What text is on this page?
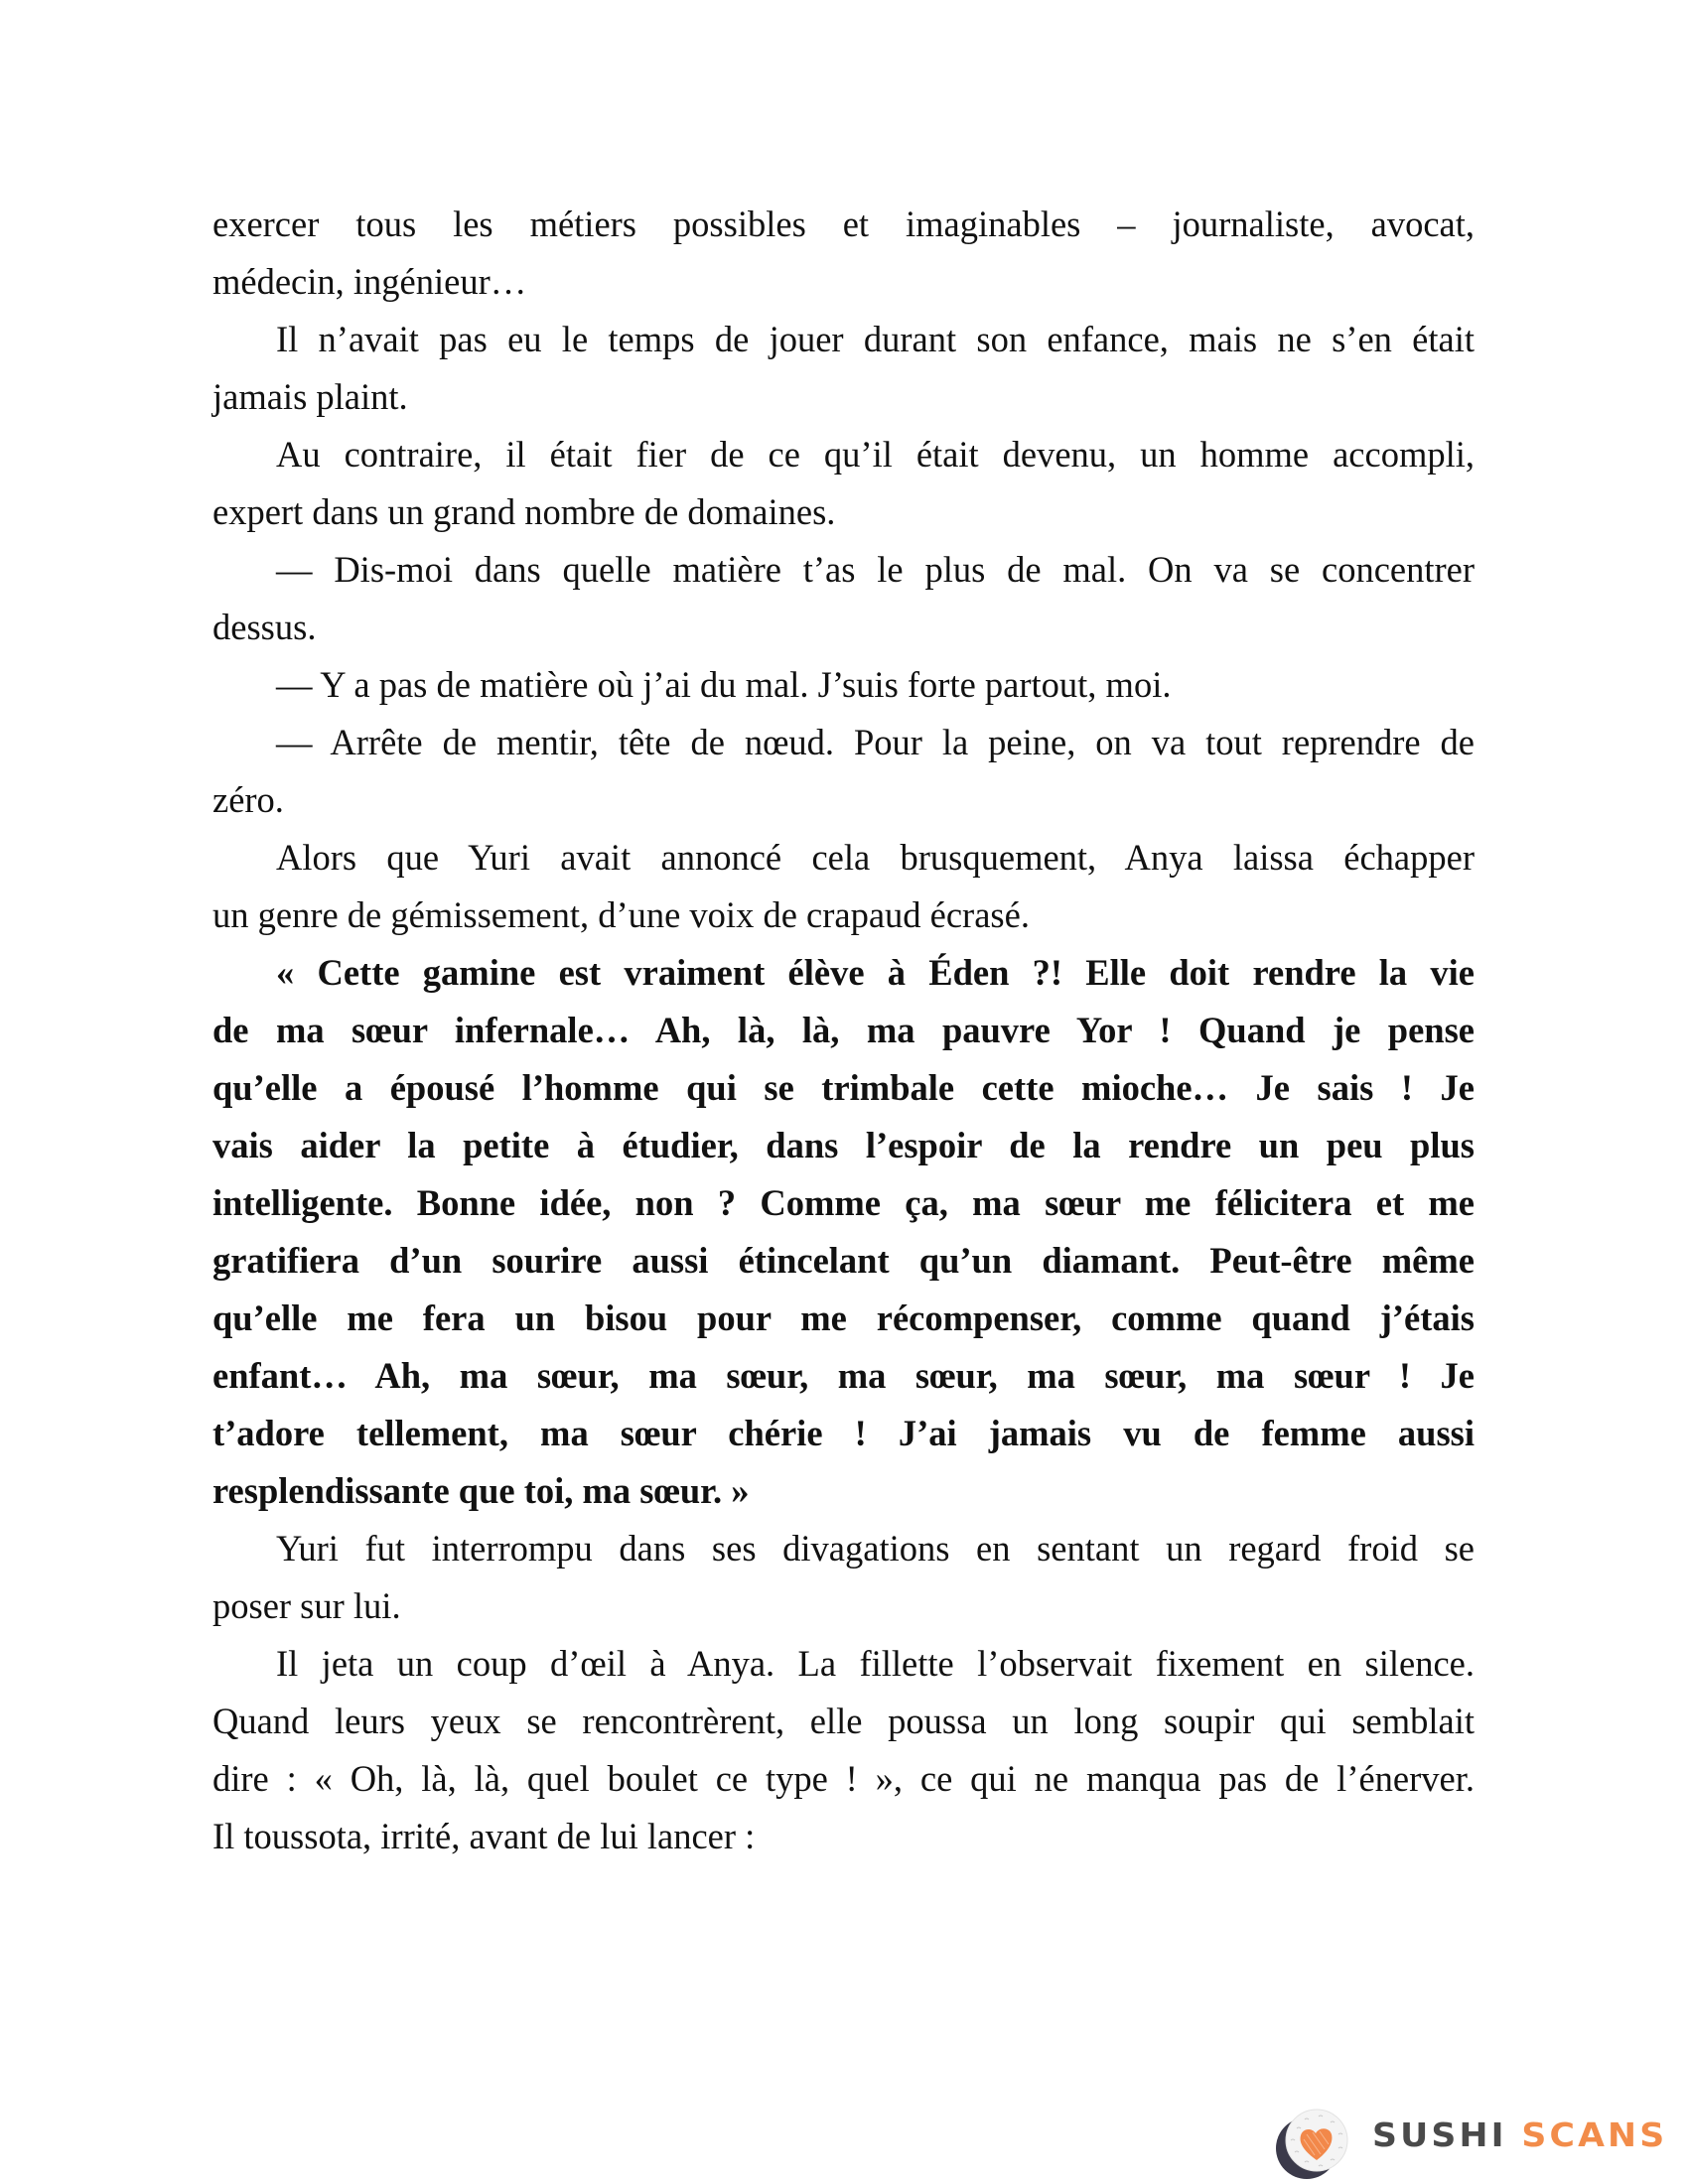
exercer tous les métiers possibles et imaginables – journaliste, avocat,
médecin, ingénieur…
Il n’avait pas eu le temps de jouer durant son enfance, mais ne s’en était
jamais plaint.
Au contraire, il était fier de ce qu’il était devenu, un homme accompli,
expert dans un grand nombre de domaines.
— Dis-moi dans quelle matière t’as le plus de mal. On va se concentrer
dessus.
— Y a pas de matière où j’ai du mal. J’suis forte partout, moi.
— Arrête de mentir, tête de nœud. Pour la peine, on va tout reprendre de
zéro.
Alors que Yuri avait annoncé cela brusquement, Anya laissa échapper
un genre de gémissement, d’une voix de crapaud écrasé.
« Cette gamine est vraiment élève à Éden ?! Elle doit rendre la vie
de ma sœur infernale… Ah, là, là, ma pauvre Yor ! Quand je pense
qu’elle a épousé l’homme qui se trimbale cette mioche… Je sais ! Je
vais aider la petite à étudier, dans l’espoir de la rendre un peu plus
intelligente. Bonne idée, non ? Comme ça, ma sœur me félicitera et me
gratifiera d’un sourire aussi étincelant qu’un diamant. Peut-être même
qu’elle me fera un bisou pour me récompenser, comme quand j’étais
enfant… Ah, ma sœur, ma sœur, ma sœur, ma sœur, ma sœur ! Je
t’adore tellement, ma sœur chérie ! J’ai jamais vu de femme aussi
resplendissante que toi, ma sœur. »
Yuri fut interrompu dans ses divagations en sentant un regard froid se
poser sur lui.
Il jeta un coup d’œil à Anya. La fillette l’observait fixement en silence.
Quand leurs yeux se rencontrèrent, elle poussa un long soupir qui semblait
dire : « Oh, là, là, quel boulet ce type ! », ce qui ne manqua pas de l’énerver.
Il toussota, irrité, avant de lui lancer :
SUSHI SCANS
